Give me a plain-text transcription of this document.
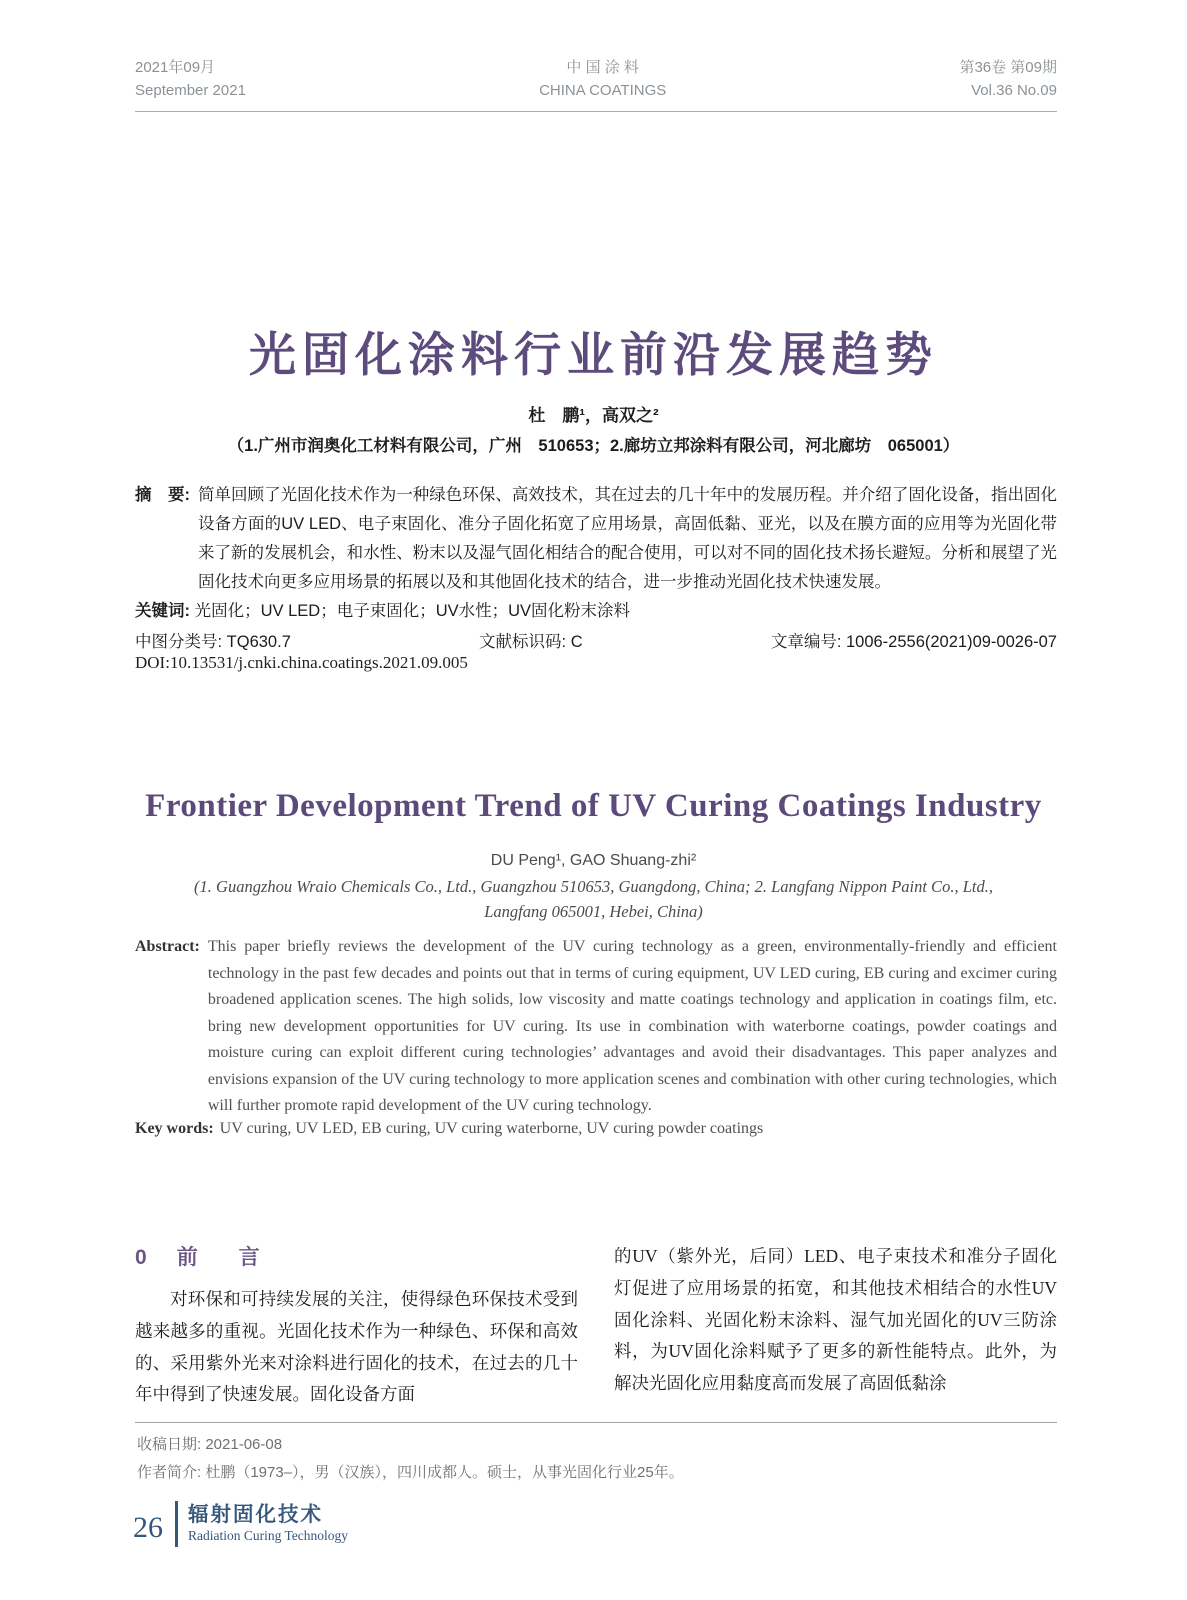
2021年09月
September 2021
中 国 涂 料
CHINA COATINGS
第36卷 第09期
Vol.36 No.09
光固化涂料行业前沿发展趋势
杜　鹏¹，高双之²
（1.广州市润奥化工材料有限公司，广州　510653；2.廊坊立邦涂料有限公司，河北廊坊　065001）
摘　要: 简单回顾了光固化技术作为一种绿色环保、高效技术，其在过去的几十年中的发展历程。并介绍了固化设备，指出固化设备方面的UV LED、电子束固化、准分子固化拓宽了应用场景，高固低黏、亚光，以及在膜方面的应用等为光固化带来了新的发展机会，和水性、粉末以及湿气固化相结合的配合使用，可以对不同的固化技术扬长避短。分析和展望了光固化技术向更多应用场景的拓展以及和其他固化技术的结合，进一步推动光固化技术快速发展。
关键词: 光固化；UV LED；电子束固化；UV水性；UV固化粉末涂料
中图分类号: TQ630.7	文献标识码: C	文章编号: 1006-2556(2021)09-0026-07
DOI:10.13531/j.cnki.china.coatings.2021.09.005
Frontier Development Trend of UV Curing Coatings Industry
DU Peng¹, GAO Shuang-zhi²
(1. Guangzhou Wraio Chemicals Co., Ltd., Guangzhou 510653, Guangdong, China; 2. Langfang Nippon Paint Co., Ltd.,
Langfang 065001, Hebei, China)
Abstract: This paper briefly reviews the development of the UV curing technology as a green, environmentally-friendly and efficient technology in the past few decades and points out that in terms of curing equipment, UV LED curing, EB curing and excimer curing broadened application scenes. The high solids, low viscosity and matte coatings technology and application in coatings film, etc. bring new development opportunities for UV curing. Its use in combination with waterborne coatings, powder coatings and moisture curing can exploit different curing technologies’ advantages and avoid their disadvantages. This paper analyzes and envisions expansion of the UV curing technology to more application scenes and combination with other curing technologies, which will further promote rapid development of the UV curing technology.
Key words: UV curing, UV LED, EB curing, UV curing waterborne, UV curing powder coatings
0 前　言
对环保和可持续发展的关注，使得绿色环保技术受到越来越多的重视。光固化技术作为一种绿色、环保和高效的、采用紫外光来对涂料进行固化的技术，在过去的几十年中得到了快速发展。固化设备方面
的UV（紫外光，后同）LED、电子束技术和准分子固化灯促进了应用场景的拓宽，和其他技术相结合的水性UV固化涂料、光固化粉末涂料、湿气加光固化的UV三防涂料，为UV固化涂料赋予了更多的新性能特点。此外，为解决光固化应用黏度高而发展了高固低黏涂
收稿日期: 2021-06-08
作者简介: 杜鹏（1973–），男（汉族），四川成都人。硕士，从事光固化行业25年。
26 辐射固化技术
Radiation Curing Technology
